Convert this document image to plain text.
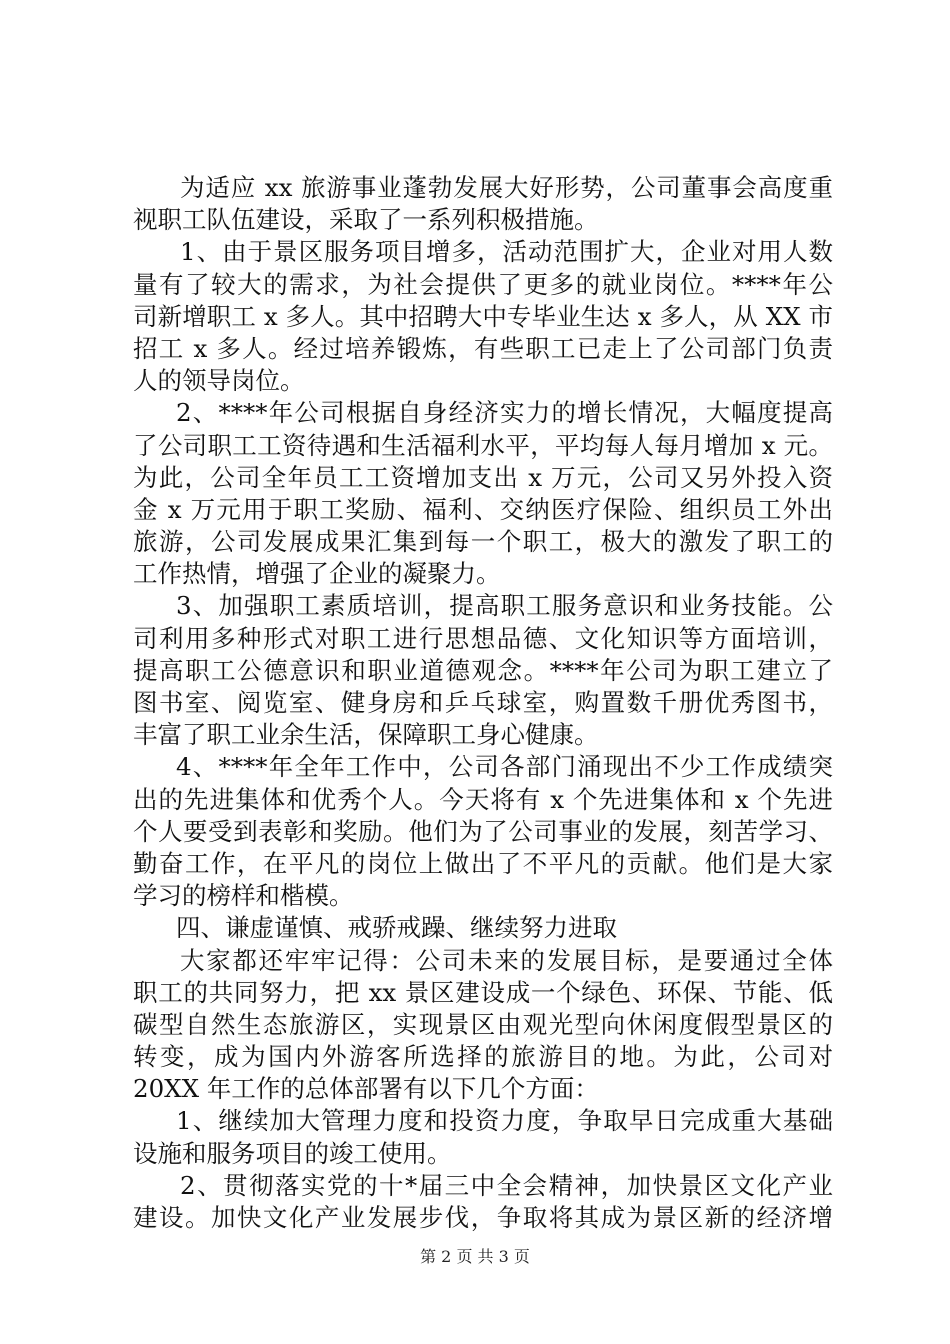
为适应 xx 旅游事业蓬勃发展大好形势，公司董事会高度重
视职工队伍建设，采取了一系列积极措施。
1、由于景区服务项目增多，活动范围扩大，企业对用人数
量有了较大的需求，为社会提供了更多的就业岗位。****年公
司新增职工 x 多人。其中招聘大中专毕业生达 x 多人，从 XX 市
招工 x 多人。经过培养锻炼，有些职工已走上了公司部门负责
人的领导岗位。
2、****年公司根据自身经济实力的增长情况，大幅度提高
了公司职工工资待遇和生活福利水平，平均每人每月增加 x 元。
为此，公司全年员工工资增加支出 x 万元，公司又另外投入资
金 x 万元用于职工奖励、福利、交纳医疗保险、组织员工外出
旅游，公司发展成果汇集到每一个职工，极大的激发了职工的
工作热情，增强了企业的凝聚力。
3、加强职工素质培训，提高职工服务意识和业务技能。公
司利用多种形式对职工进行思想品德、文化知识等方面培训，
提高职工公德意识和职业道德观念。****年公司为职工建立了
图书室、阅览室、健身房和乒乓球室，购置数千册优秀图书，
丰富了职工业余生活，保障职工身心健康。
4、****年全年工作中，公司各部门涌现出不少工作成绩突
出的先进集体和优秀个人。今天将有 x 个先进集体和 x 个先进
个人要受到表彰和奖励。他们为了公司事业的发展，刻苦学习、
勤奋工作，在平凡的岗位上做出了不平凡的贡献。他们是大家
学习的榜样和楷模。
四、谦虚谨慎、戒骄戒躁、继续努力进取
大家都还牢牢记得：公司未来的发展目标，是要通过全体
职工的共同努力，把 xx 景区建设成一个绿色、环保、节能、低
碳型自然生态旅游区，实现景区由观光型向休闲度假型景区的
转变，成为国内外游客所选择的旅游目的地。为此，公司对
20XX 年工作的总体部署有以下几个方面：
1、继续加大管理力度和投资力度，争取早日完成重大基础
设施和服务项目的竣工使用。
2、贯彻落实党的十*届三中全会精神，加快景区文化产业
建设。加快文化产业发展步伐，争取将其成为景区新的经济增
第 2 页 共 3 页
